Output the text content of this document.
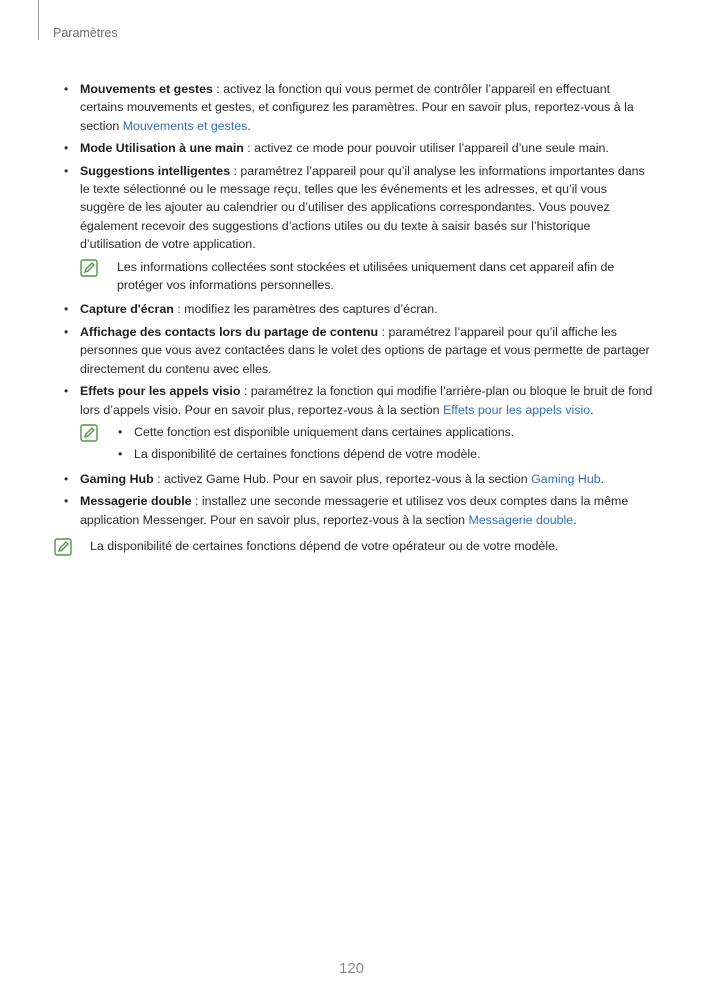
Paramètres
• Mouvements et gestes : activez la fonction qui vous permet de contrôler l’appareil en effectuant certains mouvements et gestes, et configurez les paramètres. Pour en savoir plus, reportez-vous à la section Mouvements et gestes.
• Mode Utilisation à une main : activez ce mode pour pouvoir utiliser l’appareil d’une seule main.
• Suggestions intelligentes : paramétrez l’appareil pour qu’il analyse les informations importantes dans le texte sélectionné ou le message reçu, telles que les événements et les adresses, et qu’il vous suggère de les ajouter au calendrier ou d’utiliser des applications correspondantes. Vous pouvez également recevoir des suggestions d’actions utiles ou du texte à saisir basés sur l’historique d’utilisation de votre application.
Les informations collectées sont stockées et utilisées uniquement dans cet appareil afin de protéger vos informations personnelles.
• Capture d'écran : modifiez les paramètres des captures d’écran.
• Affichage des contacts lors du partage de contenu : paramétrez l’appareil pour qu’il affiche les personnes que vous avez contactées dans le volet des options de partage et vous permette de partager directement du contenu avec elles.
• Effets pour les appels visio : paramétrez la fonction qui modifie l’arrière-plan ou bloque le bruit de fond lors d’appels visio. Pour en savoir plus, reportez-vous à la section Effets pour les appels visio.
• Cette fonction est disponible uniquement dans certaines applications.
• La disponibilité de certaines fonctions dépend de votre modèle.
• Gaming Hub : activez Game Hub. Pour en savoir plus, reportez-vous à la section Gaming Hub.
• Messagerie double : installez une seconde messagerie et utilisez vos deux comptes dans la même application Messenger. Pour en savoir plus, reportez-vous à la section Messagerie double.
La disponibilité de certaines fonctions dépend de votre opérateur ou de votre modèle.
120
